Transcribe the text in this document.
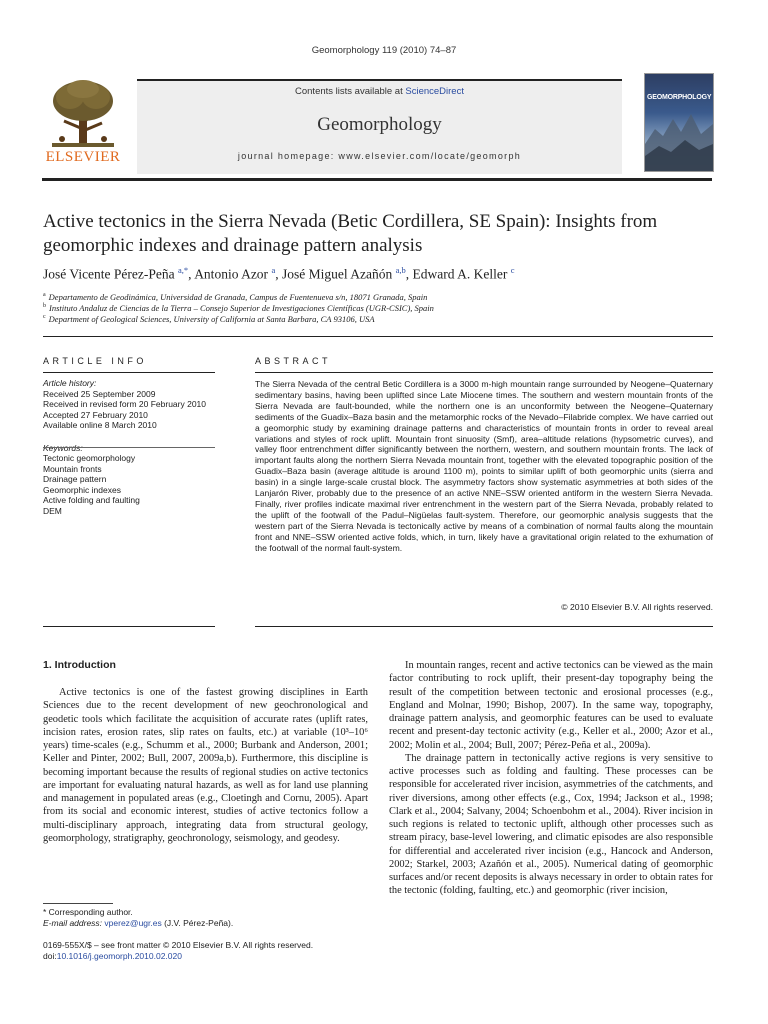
Geomorphology 119 (2010) 74–87
ELSEVIER
Contents lists available at ScienceDirect
Geomorphology
journal homepage: www.elsevier.com/locate/geomorph
GEOMORPHOLOGY
Active tectonics in the Sierra Nevada (Betic Cordillera, SE Spain): Insights from geomorphic indexes and drainage pattern analysis
José Vicente Pérez-Peña $^{a,*}$, Antonio Azor $^a$, José Miguel Azañón $^{a,b}$, Edward A. Keller $^c$
$^a$ Departamento de Geodinámica, Universidad de Granada, Campus de Fuentenueva s/n, 18071 Granada, Spain
$^b$ Instituto Andaluz de Ciencias de la Tierra – Consejo Superior de Investigaciones Científicas (UGR-CSIC), Spain
$^c$ Department of Geological Sciences, University of California at Santa Barbara, CA 93106, USA
ARTICLE INFO	ABSTRACT
Article history:
Received 25 September 2009
Received in revised form 20 February 2010
Accepted 27 February 2010
Available online 8 March 2010
Tectonic geomorphology
Mountain fronts
Drainage pattern
Geomorphic indexes
Active folding and faulting
DEM
The Sierra Nevada of the central Betic Cordillera is a 3000 m-high mountain range surrounded by Neogene–Quaternary sedimentary basins, having been uplifted since Late Miocene times. The southern and western mountain fronts of the Sierra Nevada are fault-bounded, while the northern one is an unconformity between the Neogene–Quaternary sediments of the Guadix–Baza basin and the metamorphic rocks of the Nevado–Filabride complex. We have carried out a geomorphic study by examining drainage patterns and characteristics of mountain fronts in order to reveal areal variations and styles of rock uplift. Mountain front sinuosity (Smf), area–altitude relations (hypsometric curves), and valley floor entrenchment differ significantly between the northern, western, and southern mountain fronts. The lack of important faults along the northern Sierra Nevada mountain front, together with the elevated topographic position of the Guadix–Baza basin (average altitude is around 1100 m), points to similar uplift of both geomorphic units (sierra and basin) in a single large-scale crustal block. The asymmetry factors show systematic asymmetries at both sides of the Lanjarón River, probably due to the presence of an active NNE–SSW oriented antiform in the western Sierra Nevada. Finally, river profiles indicate maximal river entrenchment in the western part of the Sierra Nevada, probably related to the uplift of the footwall of the Padul–Nigüelas fault-system. Therefore, our geomorphic analysis suggests that the western part of the Sierra Nevada is tectonically active by means of a combination of normal faults along the mountain front and NNE–SSW oriented active folds, which, in turn, likely have a gravitational origin related to the exhumation of the footwall of the normal fault-system.
© 2010 Elsevier B.V. All rights reserved.
1. Introduction

Active tectonics is one of the fastest growing disciplines in Earth Sciences due to the recent development of new geochronological and geodetic tools which facilitate the acquisition of accurate rates (uplift rates, incision rates, erosion rates, slip rates on faults, etc.) at variable (10³–10⁶ years) time-scales (e.g., Schumm et al., 2000; Burbank and Anderson, 2001; Keller and Pinter, 2002; Bull, 2007, 2009a,b). Furthermore, this discipline is becoming important because the results of regional studies on active tectonics are important for evaluating natural hazards, as well as for land use planning and management in populated areas (e.g., Cloetingh and Cornu, 2005). Apart from its social and economic interest, studies of active tectonics follow a multi-disciplinary approach, integrating data from structural geology, geomorphology, stratigraphy, geochronology, seismology, and geodesy.

In mountain ranges, recent and active tectonics can be viewed as the main factor contributing to rock uplift, their present-day topography being the result of the competition between tectonic and erosional processes (e.g., England and Molnar, 1990; Bishop, 2007). In the same way, topography, drainage pattern analysis, and geomorphic features can be used to evaluate recent and present-day tectonic activity (e.g., Keller et al., 2000; Azor et al., 2002; Molin et al., 2004; Bull, 2007; Pérez-Peña et al., 2009a).

The drainage pattern in tectonically active regions is very sensitive to active processes such as folding and faulting. These processes can be responsible for accelerated river incision, asymmetries of the catchments, and river diversions, among other effects (e.g., Cox, 1994; Jackson et al., 1998; Clark et al., 2004; Salvany, 2004; Schoenbohm et al., 2004). River incision in such regions is related to tectonic uplift, although other processes such as stream piracy, base-level lowering, and climatic episodes are also responsible for differential and accelerated river incision (e.g., Hancock and Anderson, 2002; Starkel, 2003; Azañón et al., 2005). Numerical dating of geomorphic surfaces and/or recent deposits is always necessary in order to obtain rates for the tectonic (folding, faulting, etc.) and geomorphic (river incision,

* Corresponding author.
E-mail address: vperez@ugr.es (J.V. Pérez-Peña).
0169-555X/$ – see front matter © 2010 Elsevier B.V. All rights reserved.
doi:10.1016/j.geomorph.2010.02.020
